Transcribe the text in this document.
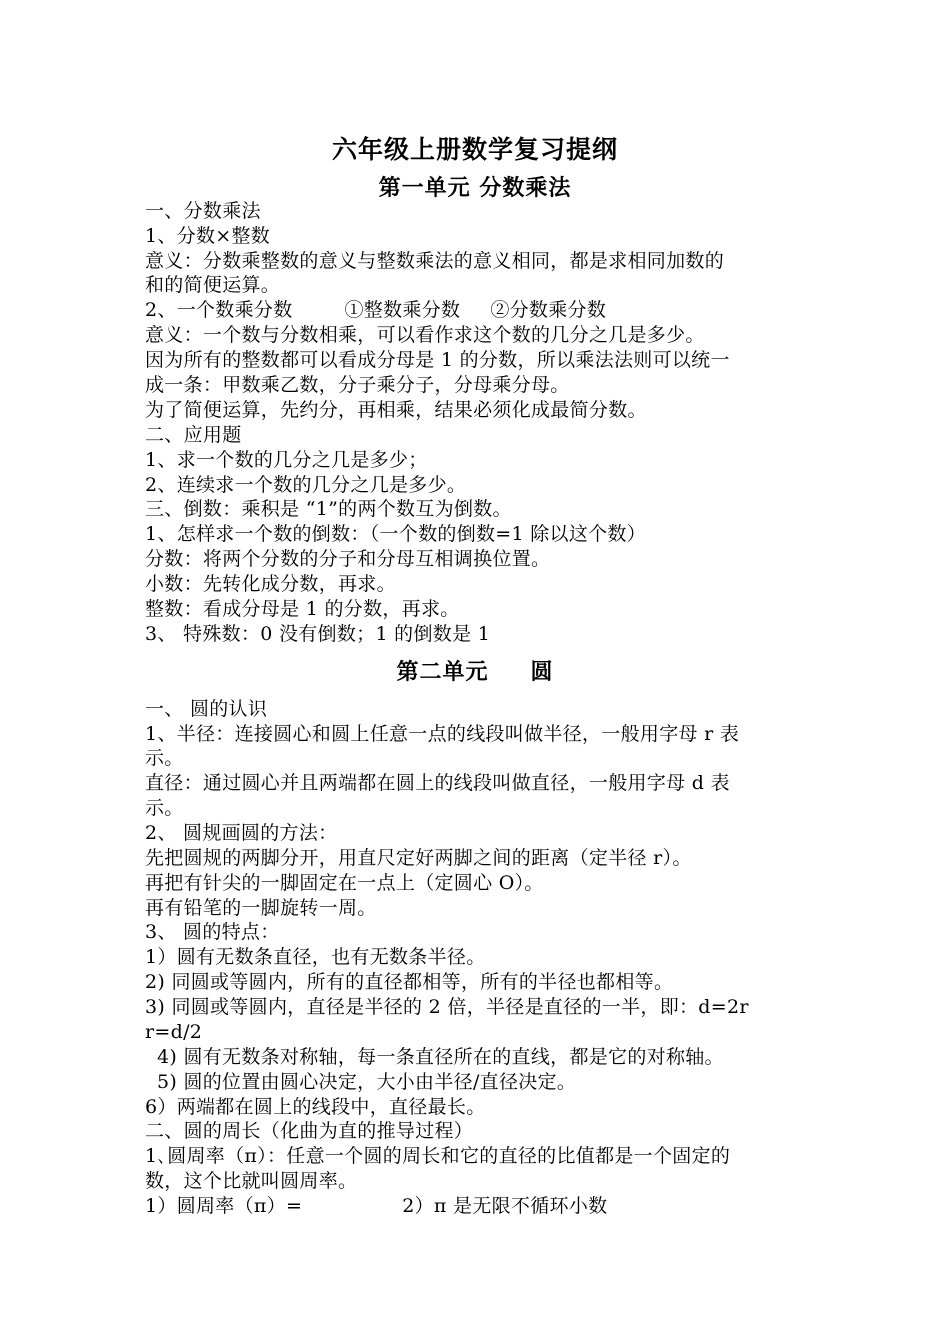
六年级上册数学复习提纲
第一单元 分数乘法
一、分数乘法
1、分数×整数
意义：分数乘整数的意义与整数乘法的意义相同，都是求相同加数的
和的简便运算。
2、一个数乘分数	①整数乘分数 ②分数乘分数
意义：一个数与分数相乘，可以看作求这个数的几分之几是多少。
因为所有的整数都可以看成分母是 1 的分数，所以乘法法则可以统一
成一条：甲数乘乙数，分子乘分子，分母乘分母。
为了简便运算，先约分，再相乘，结果必须化成最简分数。
二、应用题
1、求一个数的几分之几是多少；
2、连续求一个数的几分之几是多少。
三、倒数：乘积是 “1”的两个数互为倒数。
1、怎样求一个数的倒数：（一个数的倒数=1 除以这个数）
分数：将两个分数的分子和分母互相调换位置。
小数：先转化成分数，再求。
整数：看成分母是 1 的分数，再求。
3、 特殊数：0 没有倒数；1 的倒数是 1
第二单元 圆
一、 圆的认识
1、半径：连接圆心和圆上任意一点的线段叫做半径，一般用字母 r 表
示。
直径：通过圆心并且两端都在圆上的线段叫做直径，一般用字母 d 表
示。
2、 圆规画圆的方法：
先把圆规的两脚分开，用直尺定好两脚之间的距离（定半径 r）。
再把有针尖的一脚固定在一点上（定圆心 O）。
再有铅笔的一脚旋转一周。
3、 圆的特点：
1）圆有无数条直径，也有无数条半径。
2) 同圆或等圆内，所有的直径都相等，所有的半径也都相等。
3) 同圆或等圆内，直径是半径的 2 倍，半径是直径的一半，即：d=2r
r=d/2
4) 圆有无数条对称轴，每一条直径所在的直线，都是它的对称轴。
5) 圆的位置由圆心决定，大小由半径/直径决定。
6）两端都在圆上的线段中，直径最长。
二、圆的周长（化曲为直的推导过程）
1､圆周率（π）：任意一个圆的周长和它的直径的比值都是一个固定的
数，这个比就叫圆周率。
1）圆周率（π）=	2）π 是无限不循环小数
